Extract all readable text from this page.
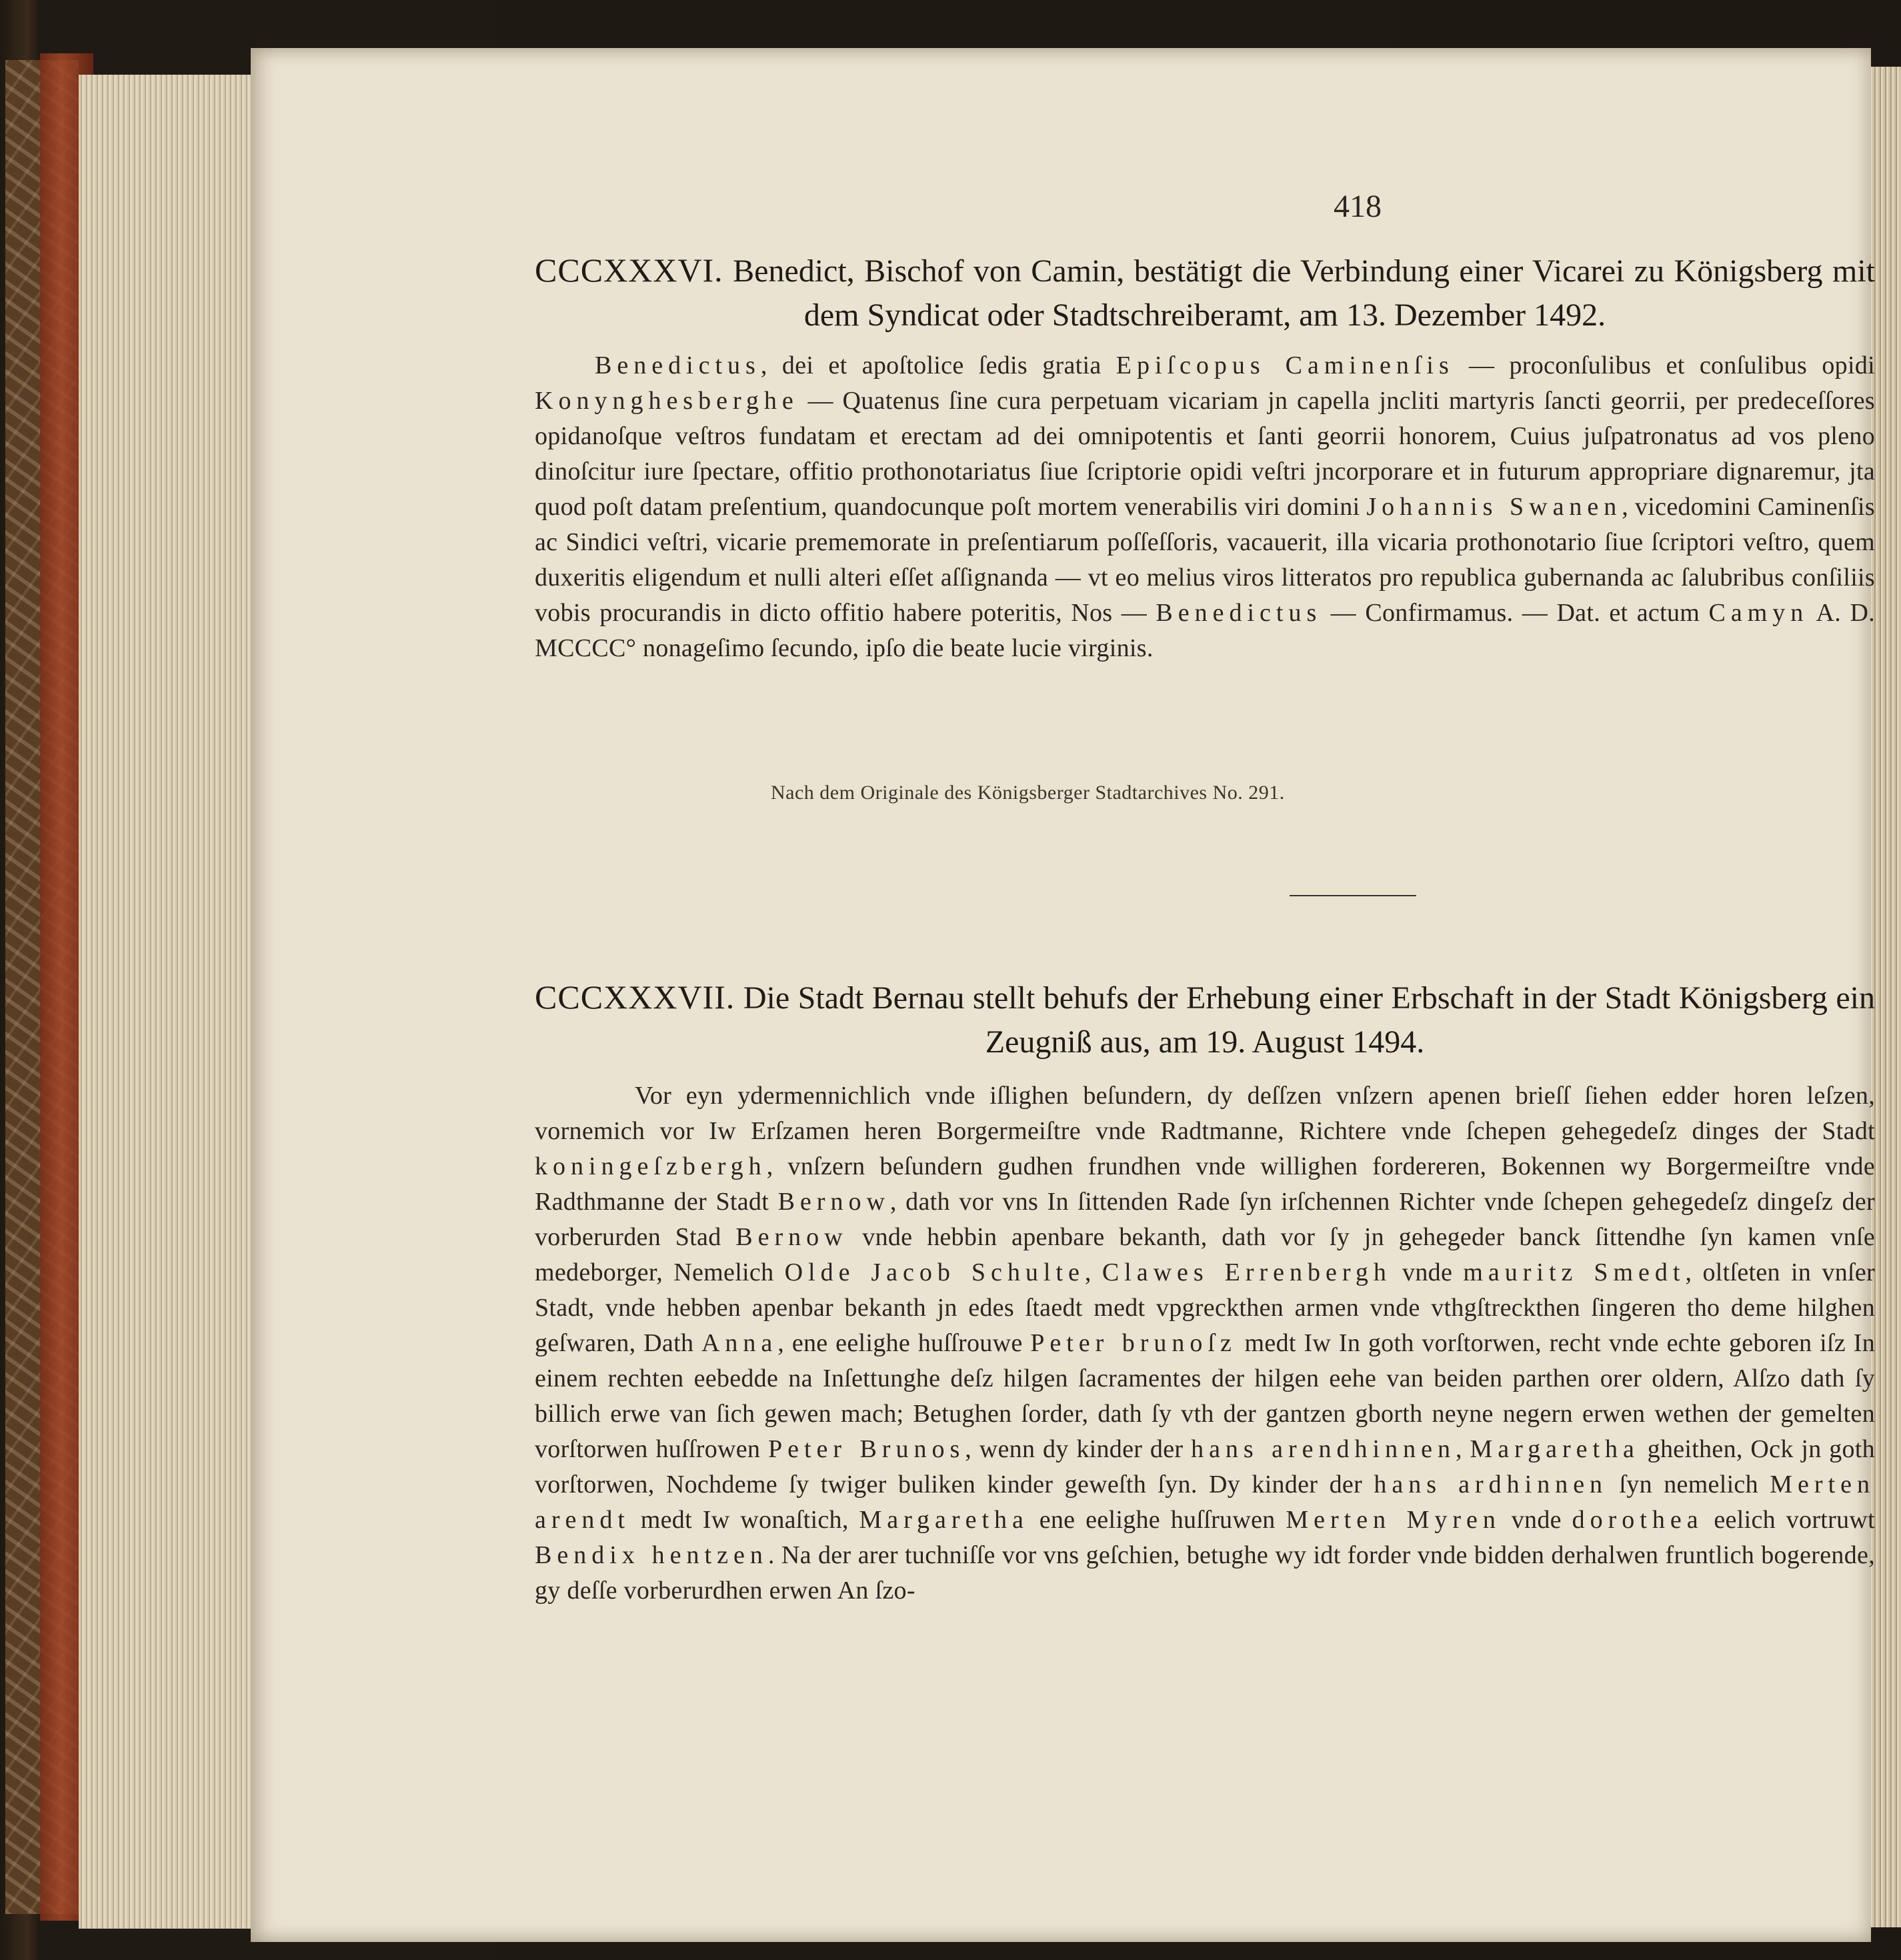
418
CCCXXXVI. Benedict, Bischof von Camin, bestätigt die Verbindung einer Vicarei zu Königsberg mit dem Syndicat oder Stadtschreiberamt, am 13. Dezember 1492.
Benedictus, dei et apoſtolice ſedis gratia Epiſcopus Caminenſis — proconſulibus et conſulibus opidi Konynghesberghe — Quatenus ſine cura perpetuam vicariam jn capella jncliti martyris ſancti georrii, per predeceſſores opidanoſque veſtros fundatam et erectam ad dei omnipotentis et ſanti georrii honorem, Cuius juſpatronatus ad vos pleno dinoſcitur iure ſpectare, offitio prothonotariatus ſiue ſcriptorie opidi veſtri jncorporare et in futurum appropriare dignaremur, jta quod poſt datam preſentium, quandocunque poſt mortem venerabilis viri domini Johannis Swanen, vicedomini Caminenſis ac Sindici veſtri, vicarie prememorate in preſentiarum poſſeſſoris, vacauerit, illa vicaria prothonotario ſiue ſcriptori veſtro, quem duxeritis eligendum et nulli alteri eſſet aſſignanda — vt eo melius viros litteratos pro republica gubernanda ac ſalubribus conſiliis vobis procurandis in dicto offitio habere poteritis, Nos — Benedictus — Confirmamus. — Dat. et actum Camyn A. D. MCCCC° nonageſimo ſecundo, ipſo die beate lucie virginis.
Nach dem Originale des Königsberger Stadtarchives No. 291.
CCCXXXVII. Die Stadt Bernau stellt behufs der Erhebung einer Erbschaft in der Stadt Königsberg ein Zeugniß aus, am 19. August 1494.
Vor eyn ydermennichlich vnde iſlighen beſundern, dy deſſzen vnſzern apenen brieſſ ſiehen edder horen leſzen, vornemich vor Iw Erſzamen heren Borgermeiſtre vnde Radtmanne, Richtere vnde ſchepen gehegedeſz dinges der Stadt koningeſzbergh, vnſzern beſundern gudhen frundhen vnde willighen fordereren, Bokennen wy Borgermeiſtre vnde Radthmanne der Stadt Bernow, dath vor vns In ſittenden Rade ſyn irſchennen Richter vnde ſchepen gehegedeſz dingeſz der vorberurden Stad Bernow vnde hebbin apenbare bekanth, dath vor ſy jn gehegeder banck ſittendhe ſyn kamen vnſe medeborger, Nemelich Olde Jacob Schulte, Clawes Errenbergh vnde mauritz Smedt, oltſeten in vnſer Stadt, vnde hebben apenbar bekanth jn edes ſtaedt medt vpgreckthen armen vnde vthgſtreckthen ſingeren tho deme hilghen geſwaren, Dath Anna, ene eelighe huſſrouwe Peter brunoſz medt Iw In goth vorſtorwen, recht vnde echte geboren iſz In einem rechten eebedde na Inſettunghe deſz hilgen ſacramentes der hilgen eehe van beiden parthen orer oldern, Alſzo dath ſy billich erwe van ſich gewen mach; Betughen ſorder, dath ſy vth der gantzen gborth neyne negern erwen wethen der gemelten vorſtorwen huſſrowen Peter Brunos, wenn dy kinder der hans arendhinnen, Margaretha gheithen, Ock jn goth vorſtorwen, Nochdeme ſy twiger buliken kinder geweſth ſyn. Dy kinder der hans ardhinnen ſyn nemelich Merten arendt medt Iw wonaſtich, Margaretha ene eelighe huſſruwen Merten Myren vnde dorothea eelich vortruwt Bendix hentzen. Na der arer tuchniſſe vor vns geſchien, betughe wy idt forder vnde bidden derhalwen fruntlich bogerende, gy deſſe vorberurdhen erwen An ſzo-
